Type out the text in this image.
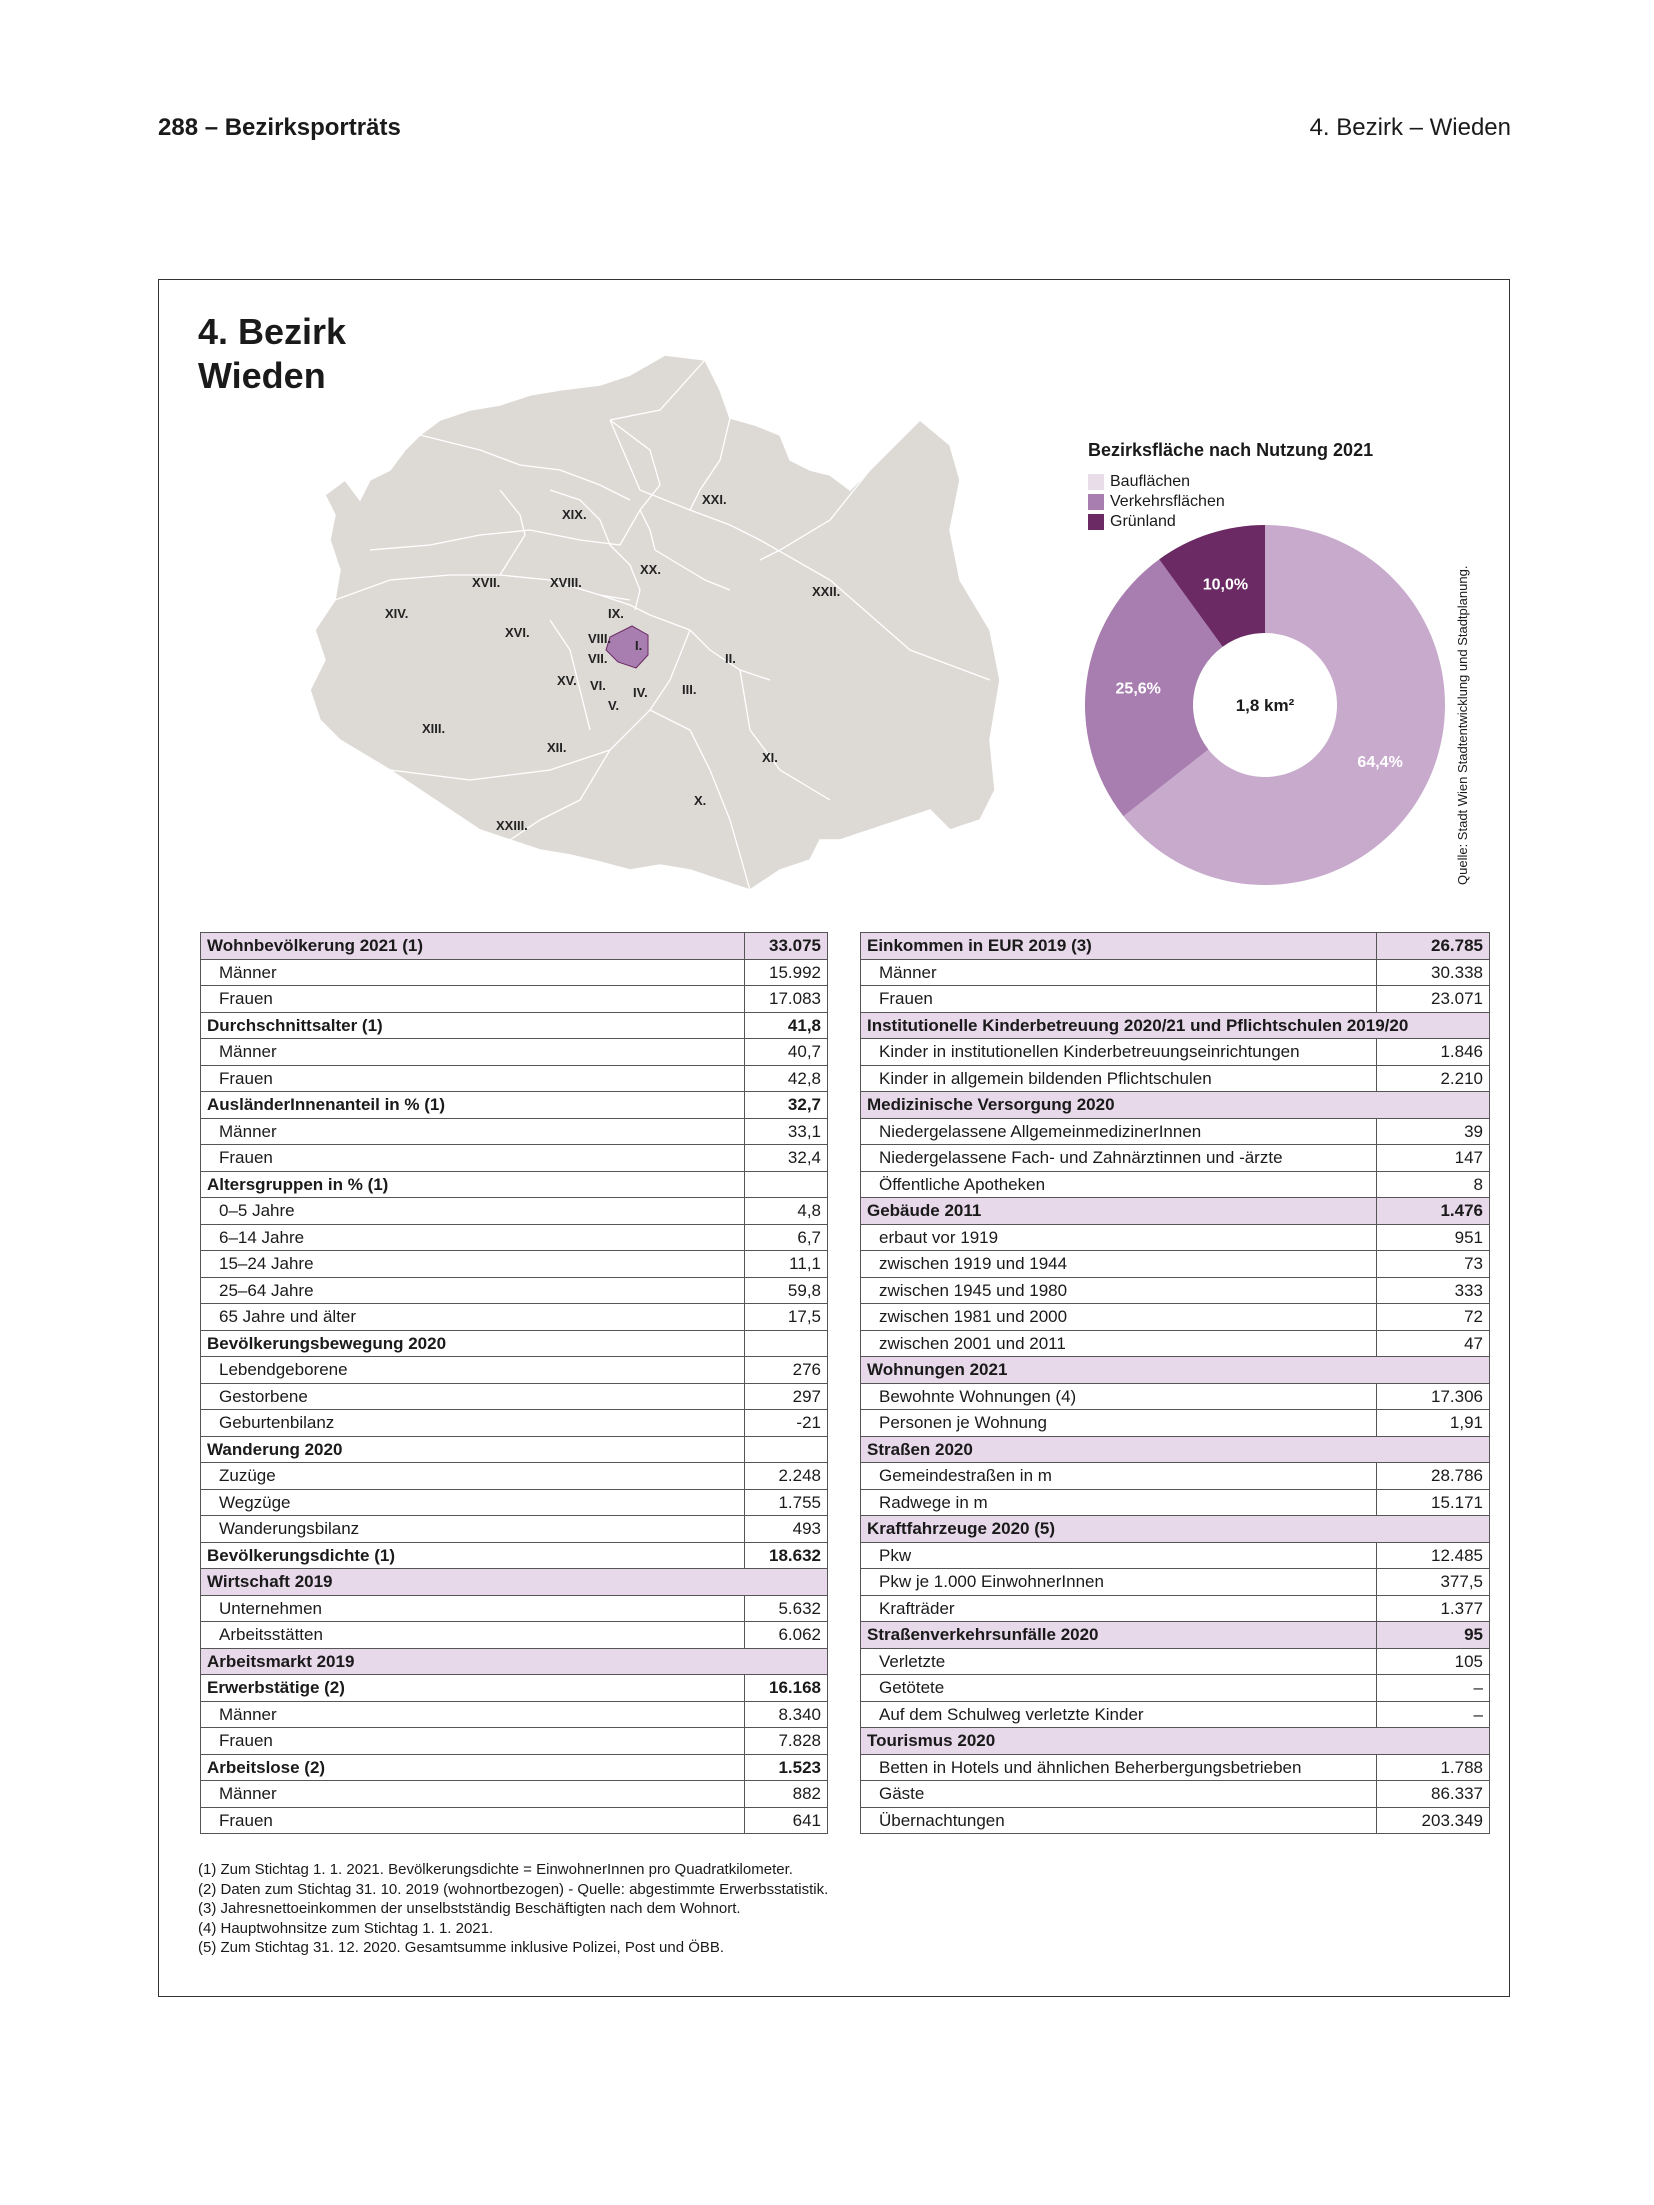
288 – Bezirksporträts	4. Bezirk – Wieden
4. Bezirk
Wieden
XXI.
XIX.
XX.
XXII.
XVII.	XVIII.
XIV.	IX.
XVI.	VIII. I.
II.
VII.
XV. VI. IV.	III.
V.
XIII.
XII.
XI.
X.
XXIII.
Bezirksfläche nach Nutzung 2021
Bauflächen
Verkehrsflächen
Grünland
64,4%
25,6%
10,0%
1,8 km²	Quelle: Stadt Wien Stadtentwicklung und Stadtplanung.
Wohnbevölkerung 2021 (1)	33.075
Männer	15.992
Frauen	17.083
Durchschnittsalter (1)	41,8
Männer	40,7
Frauen	42,8
AusländerInnenanteil in % (1)	32,7
Männer	33,1
Frauen	32,4
Altersgruppen in % (1)	
0–5 Jahre	4,8
6–14 Jahre	6,7
15–24 Jahre	11,1
25–64 Jahre	59,8
65 Jahre und älter	17,5
Bevölkerungsbewegung 2020	
Lebendgeborene	276
Gestorbene	297
Geburtenbilanz	-21
Wanderung 2020	
Zuzüge	2.248
Wegzüge	1.755
Wanderungsbilanz	493
Bevölkerungsdichte (1)	18.632
Wirtschaft 2019	
Unternehmen	5.632
Arbeitsstätten	6.062
Arbeitsmarkt 2019	
Erwerbstätige (2)	16.168
Männer	8.340
Frauen	7.828
Arbeitslose (2)	1.523
Männer	882
Frauen	641
Einkommen in EUR 2019 (3)	26.785
Männer	30.338
Frauen	23.071
Institutionelle Kinderbetreuung 2020/21 und Pflichtschulen 2019/20	
Kinder in institutionellen Kinderbetreuungseinrichtungen	1.846
Kinder in allgemein bildenden Pflichtschulen	2.210
Medizinische Versorgung 2020	
Niedergelassene AllgemeinmedizinerInnen	39
Niedergelassene Fach- und Zahnärztinnen und -ärzte	147
Öffentliche Apotheken	8
Gebäude 2011	1.476
erbaut vor 1919	951
zwischen 1919 und 1944	73
zwischen 1945 und 1980	333
zwischen 1981 und 2000	72
zwischen 2001 und 2011	47
Wohnungen 2021	
Bewohnte Wohnungen (4)	17.306
Personen je Wohnung	1,91
Straßen 2020	
Gemeindestraßen in m	28.786
Radwege in m	15.171
Kraftfahrzeuge 2020 (5)	
Pkw	12.485
Pkw je 1.000 EinwohnerInnen	377,5
Krafträder	1.377
Straßenverkehrsunfälle 2020	95
Verletzte	105
Getötete	–
Auf dem Schulweg verletzte Kinder	–
Tourismus 2020	
Betten in Hotels und ähnlichen Beherbergungsbetrieben	1.788
Gäste	86.337
Übernachtungen	203.349
(1) Zum Stichtag 1. 1. 2021. Bevölkerungsdichte = EinwohnerInnen pro Quadratkilometer.
(2) Daten zum Stichtag 31. 10. 2019 (wohnortbezogen) - Quelle: abgestimmte Erwerbsstatistik.
(3) Jahresnettoeinkommen der unselbstständig Beschäftigten nach dem Wohnort.
(4) Hauptwohnsitze zum Stichtag 1. 1. 2021.
(5) Zum Stichtag 31. 12. 2020. Gesamtsumme inklusive Polizei, Post und ÖBB.
